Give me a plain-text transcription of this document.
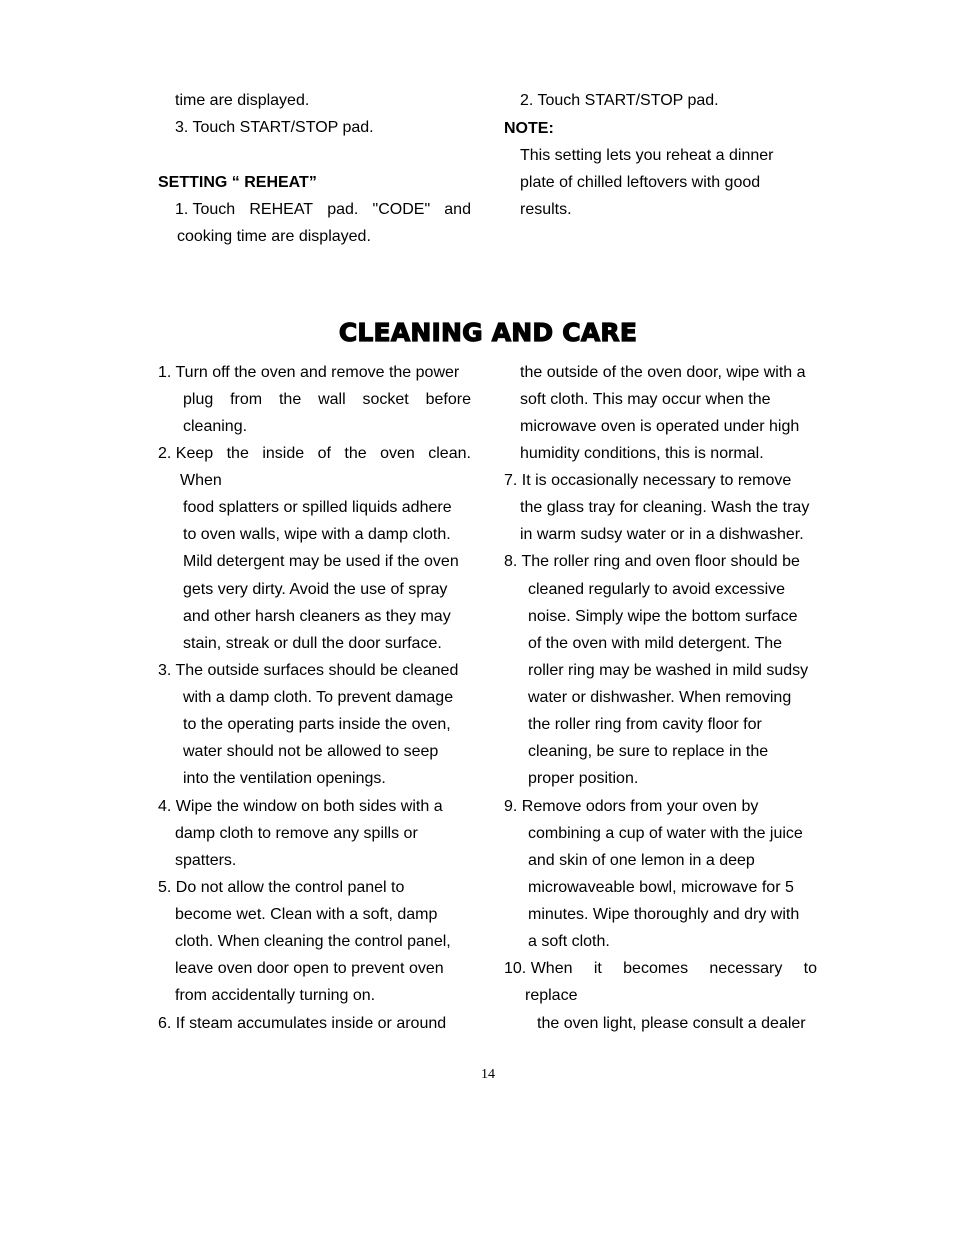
time are displayed.
3. Touch START/STOP pad.
SETTING “ REHEAT”
1. Touch REHEAT pad. "CODE" and
cooking time are displayed.
2. Touch START/STOP pad.
NOTE:
This setting lets you reheat a dinner
plate of chilled leftovers with good
results.
CLEANING AND CARE
1. Turn off the oven and remove the power
plug from the wall socket before
cleaning.
2. Keep the inside of the oven clean.
When
food splatters or spilled liquids adhere
to oven walls, wipe with a damp cloth.
Mild detergent may be used if the oven
gets very dirty. Avoid the use of spray
and other harsh cleaners as they may
stain, streak or dull the door surface.
3. The outside surfaces should be cleaned
with a damp cloth. To prevent damage
to the operating parts inside the oven,
water should not be allowed to seep
into the ventilation openings.
4. Wipe the window on both sides with a
damp cloth to remove any spills or
spatters.
5. Do not allow the control panel to
become wet. Clean with a soft, damp
cloth. When cleaning the control panel,
leave oven door open to prevent oven
from accidentally turning on.
6. If steam accumulates inside or around
the outside of the oven door, wipe with a
soft cloth. This may occur when the
microwave oven is operated under high
humidity conditions, this is normal.
7. It is occasionally necessary to remove
the glass tray for cleaning. Wash the tray
in warm sudsy water or in a dishwasher.
8. The roller ring and oven floor should be
cleaned regularly to avoid excessive
noise. Simply wipe the bottom surface
of the oven with mild detergent. The
roller ring may be washed in mild sudsy
water or dishwasher. When removing
the roller ring from cavity floor for
cleaning, be sure to replace in the
proper position.
9. Remove odors from your oven by
combining a cup of water with the juice
and skin of one lemon in a deep
microwaveable bowl, microwave for 5
minutes. Wipe thoroughly and dry with
a soft cloth.
10. When it becomes necessary to
replace
the oven light, please consult a dealer
14
